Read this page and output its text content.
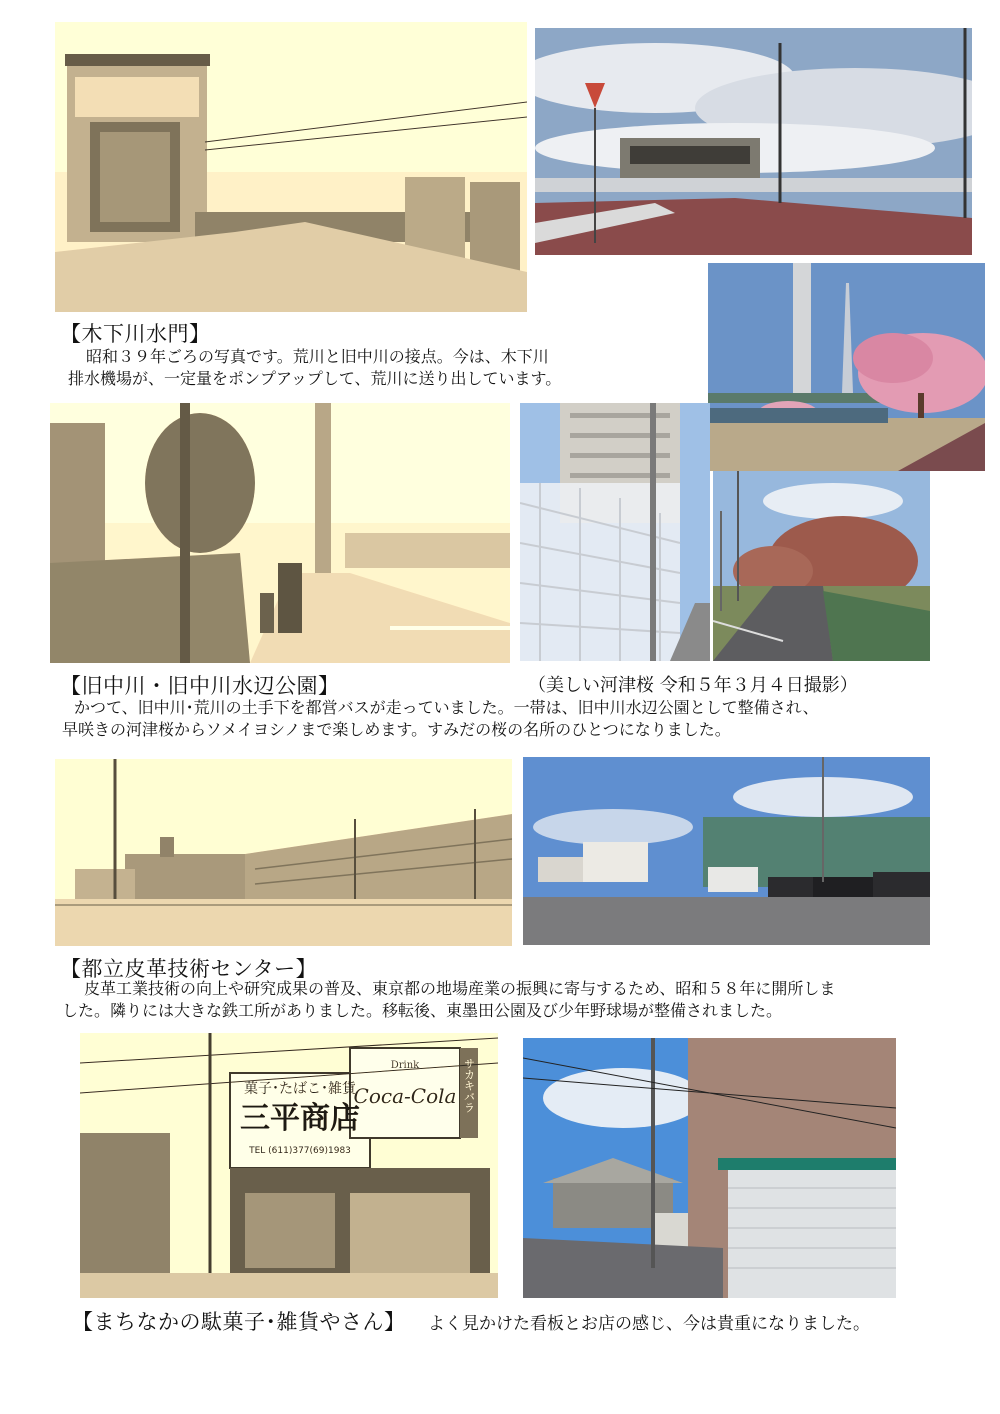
【木下川水門】
昭和３９年ごろの写真です。荒川と旧中川の接点。今は、木下川
排水機場が、一定量をポンプアップして、荒川に送り出しています。
【旧中川・旧中川水辺公園】	（美しい河津桜 令和５年３月４日撮影）
かつて、旧中川･荒川の土手下を都営バスが走っていました。一帯は、旧中川水辺公園として整備され、
早咲きの河津桜からソメイヨシノまで楽しめます。すみだの桜の名所のひとつになりました。
【都立皮革技術センター】
皮革工業技術の向上や研究成果の普及、東京都の地場産業の振興に寄与するため、昭和５８年に開所しま
した。隣りには大きな鉄工所がありました。移転後、東墨田公園及び少年野球場が整備されました。
菓子･たばこ･雑貨
三平商店
TEL (611)377(69)1983
Drink
Coca-Cola サカキバラ
【まちなかの駄菓子･雑貨やさん】 よく見かけた看板とお店の感じ、今は貴重になりました。
